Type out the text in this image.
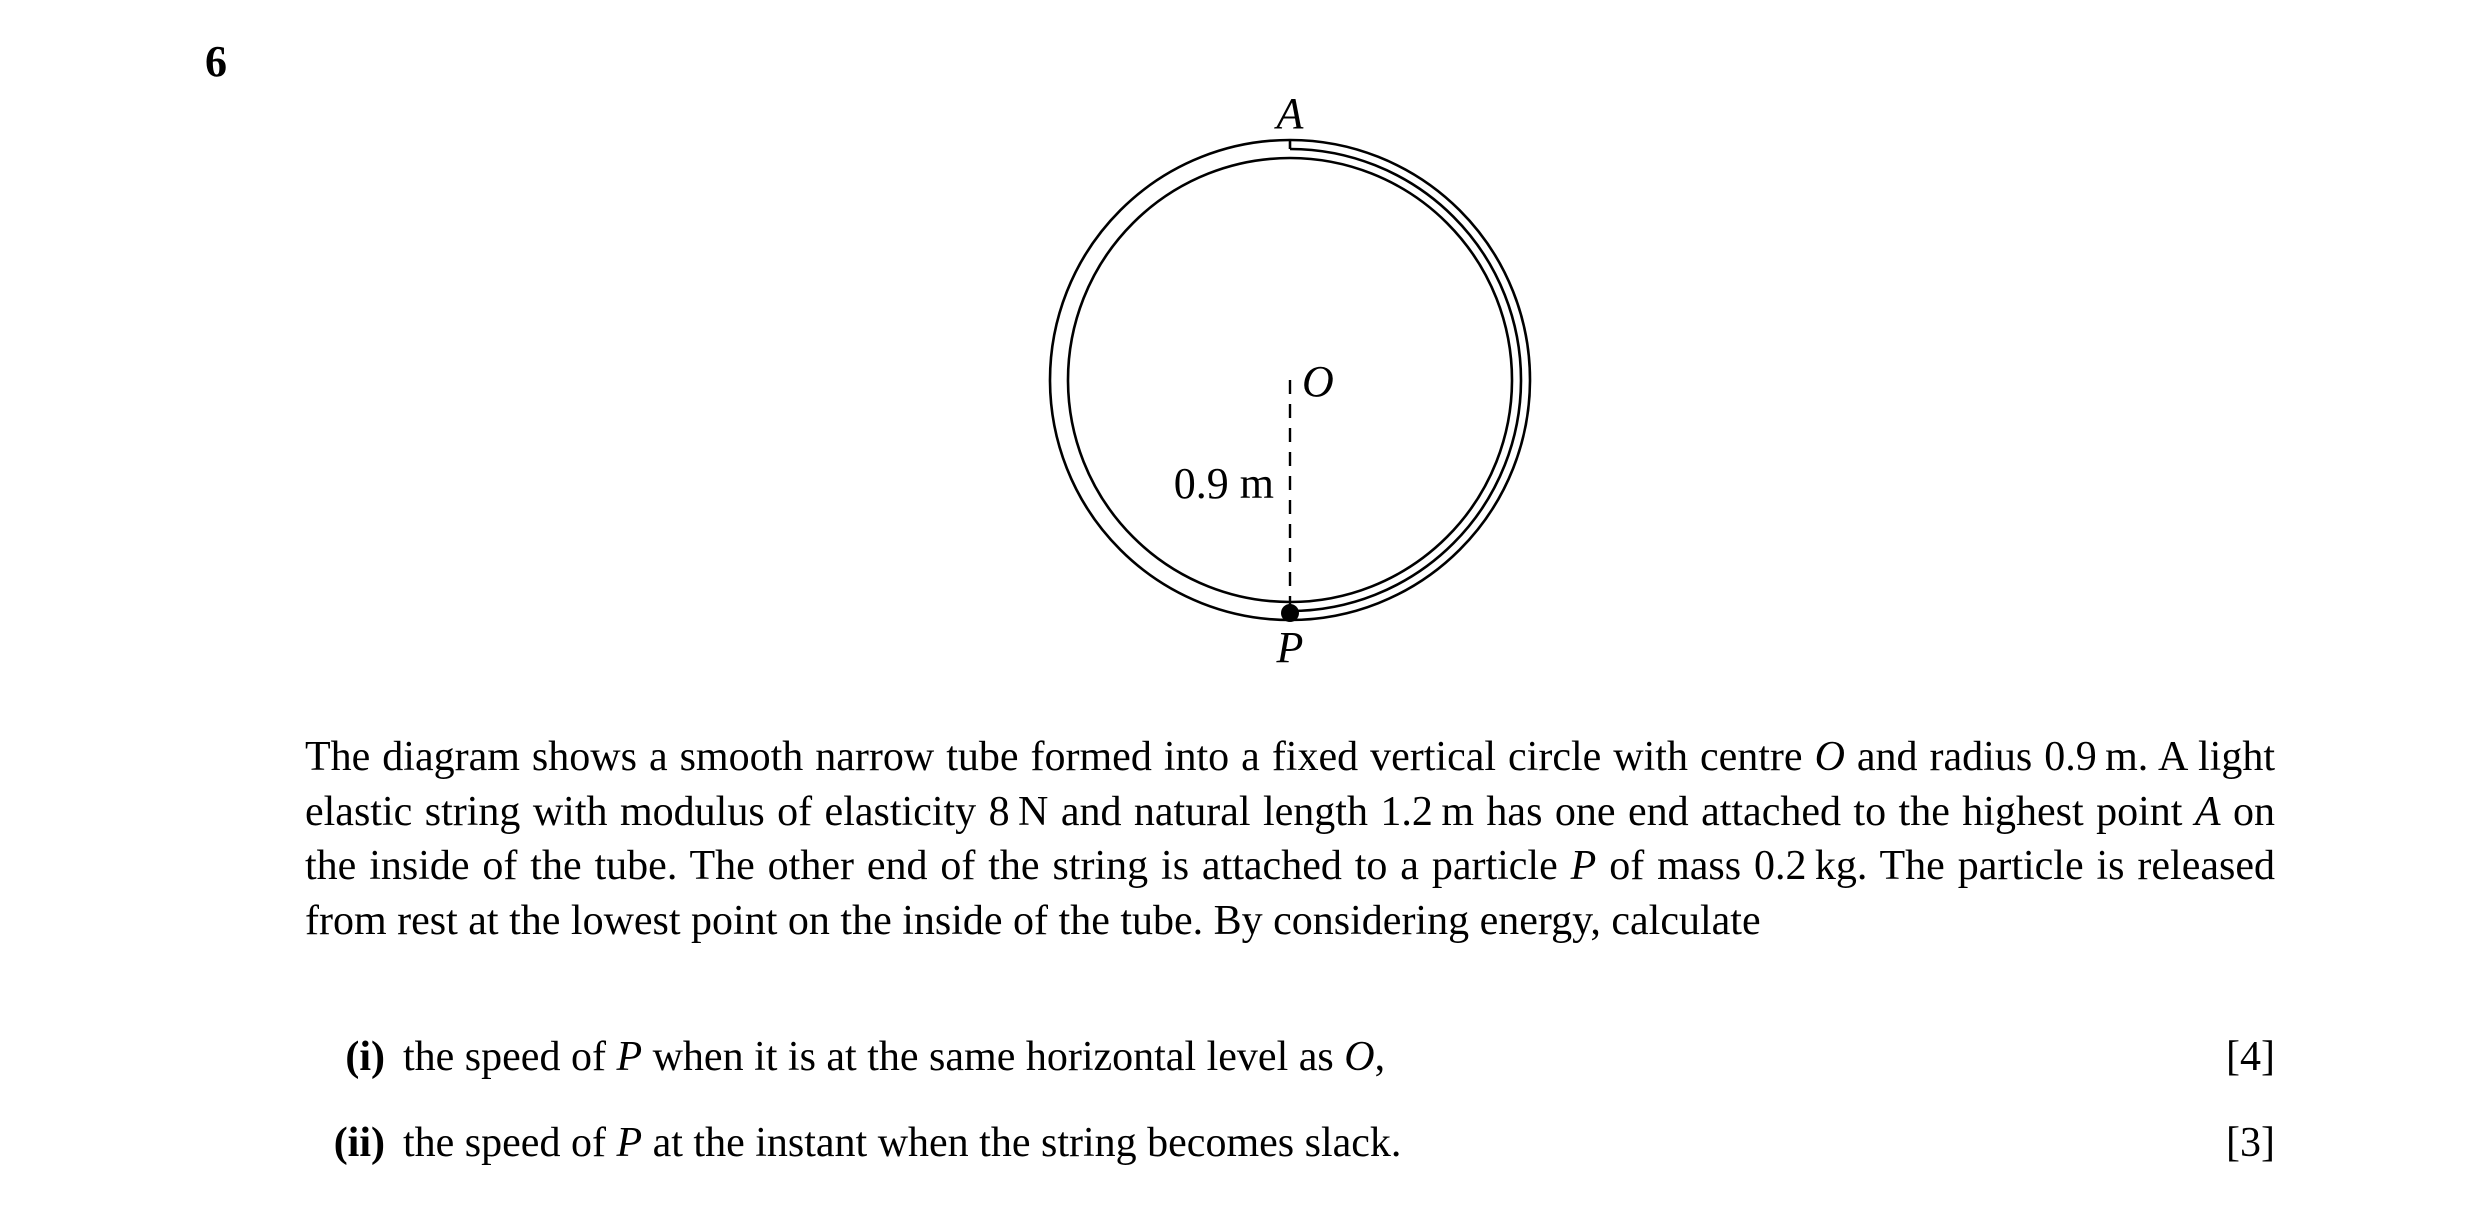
6
A
O
P
0.9 m

The diagram shows a smooth narrow tube formed into a fixed vertical circle with centre O and radius 0.9 m. A light elastic string with modulus of elasticity 8 N and natural length 1.2 m has one end attached to the highest point A on the inside of the tube. The other end of the string is attached to a particle P of mass 0.2 kg. The particle is released from rest at the lowest point on the inside of the tube. By considering energy, calculate

(i) the speed of P when it is at the same horizontal level as O,	[4]
(ii) the speed of P at the instant when the string becomes slack.	[3]
